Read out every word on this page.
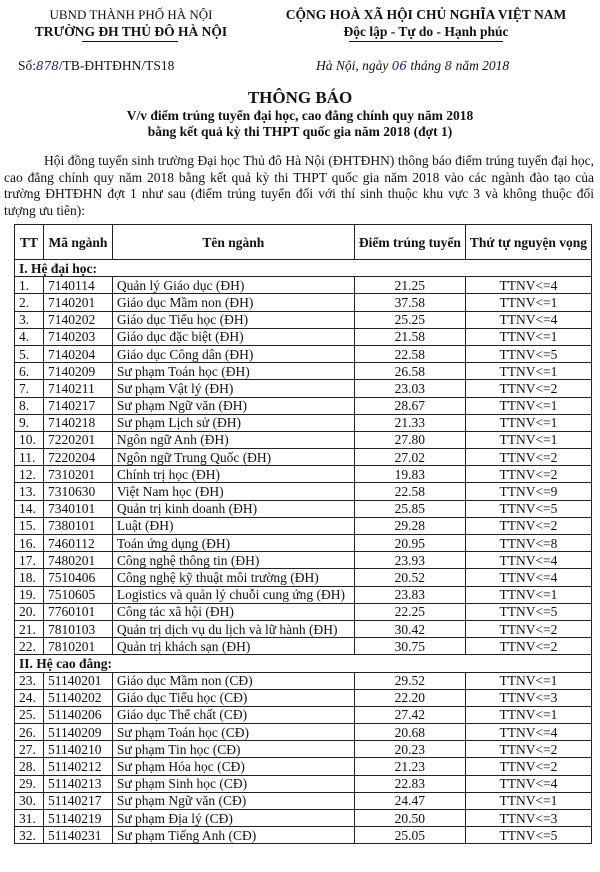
UBND THÀNH PHỐ HÀ NỘI
TRƯỜNG ĐH THỦ ĐÔ HÀ NỘI
CỘNG HOÀ XÃ HỘI CHỦ NGHĨA VIỆT NAM
Độc lập - Tự do - Hạnh phúc
Số:878/TB-ĐHTĐHN/TS18	Hà Nội, ngày 06 tháng 8 năm 2018
THÔNG BÁO
V/v điểm trúng tuyển đại học, cao đẳng chính quy năm 2018
bằng kết quả kỳ thi THPT quốc gia năm 2018 (đợt 1)

Hội đồng tuyển sinh trường Đại học Thủ đô Hà Nội (ĐHTĐHN) thông báo điểm trúng tuyển đại học, cao đẳng chính quy năm 2018 bằng kết quả kỳ thi THPT quốc gia năm 2018 vào các ngành đào tạo của trường ĐHTĐHN đợt 1 như sau (điểm trúng tuyển đối với thí sinh thuộc khu vực 3 và không thuộc đối tượng ưu tiên):

TT	Mã ngành	Tên ngành	Điểm trúng tuyển	Thứ tự nguyện vọng
I. Hệ đại học:				
1.	7140114	Quản lý Giáo dục (ĐH)	21.25	TTNV<=4
2.	7140201	Giáo dục Mầm non (ĐH)	37.58	TTNV<=1
3.	7140202	Giáo dục Tiểu học (ĐH)	25.25	TTNV<=4
4.	7140203	Giáo dục đặc biệt (ĐH)	21.58	TTNV<=1
5.	7140204	Giáo dục Công dân (ĐH)	22.58	TTNV<=5
6.	7140209	Sư phạm Toán học (ĐH)	26.58	TTNV<=1
7.	7140211	Sư phạm Vật lý (ĐH)	23.03	TTNV<=2
8.	7140217	Sư phạm Ngữ văn (ĐH)	28.67	TTNV<=1
9.	7140218	Sư phạm Lịch sử (ĐH)	21.33	TTNV<=1
10.	7220201	Ngôn ngữ Anh (ĐH)	27.80	TTNV<=1
11.	7220204	Ngôn ngữ Trung Quốc (ĐH)	27.02	TTNV<=2
12.	7310201	Chính trị học (ĐH)	19.83	TTNV<=2
13.	7310630	Việt Nam học (ĐH)	22.58	TTNV<=9
14.	7340101	Quản trị kinh doanh (ĐH)	25.85	TTNV<=5
15.	7380101	Luật (ĐH)	29.28	TTNV<=2
16.	7460112	Toán ứng dụng (ĐH)	20.95	TTNV<=8
17.	7480201	Công nghệ thông tin (ĐH)	23.93	TTNV<=4
18.	7510406	Công nghệ kỹ thuật môi trường (ĐH)	20.52	TTNV<=4
19.	7510605	Logistics và quản lý chuỗi cung ứng (ĐH)	23.83	TTNV<=1
20.	7760101	Công tác xã hội (ĐH)	22.25	TTNV<=5
21.	7810103	Quản trị dịch vụ du lịch và lữ hành (ĐH)	30.42	TTNV<=2
22.	7810201	Quản trị khách sạn (ĐH)	30.75	TTNV<=2
II. Hệ cao đẳng:				
23.	51140201	Giáo dục Mầm non (CĐ)	29.52	TTNV<=1
24.	51140202	Giáo dục Tiểu học (CĐ)	22.20	TTNV<=3
25.	51140206	Giáo dục Thể chất (CĐ)	27.42	TTNV<=1
26.	51140209	Sư phạm Toán học (CĐ)	20.68	TTNV<=4
27.	51140210	Sư phạm Tin học (CĐ)	20.23	TTNV<=2
28.	51140212	Sư phạm Hóa học (CĐ)	21.23	TTNV<=2
29.	51140213	Sư phạm Sinh học (CĐ)	22.83	TTNV<=4
30.	51140217	Sư phạm Ngữ văn (CĐ)	24.47	TTNV<=1
31.	51140219	Sư phạm Địa lý (CĐ)	20.50	TTNV<=3
32.	51140231	Sư phạm Tiếng Anh (CĐ)	25.05	TTNV<=5
